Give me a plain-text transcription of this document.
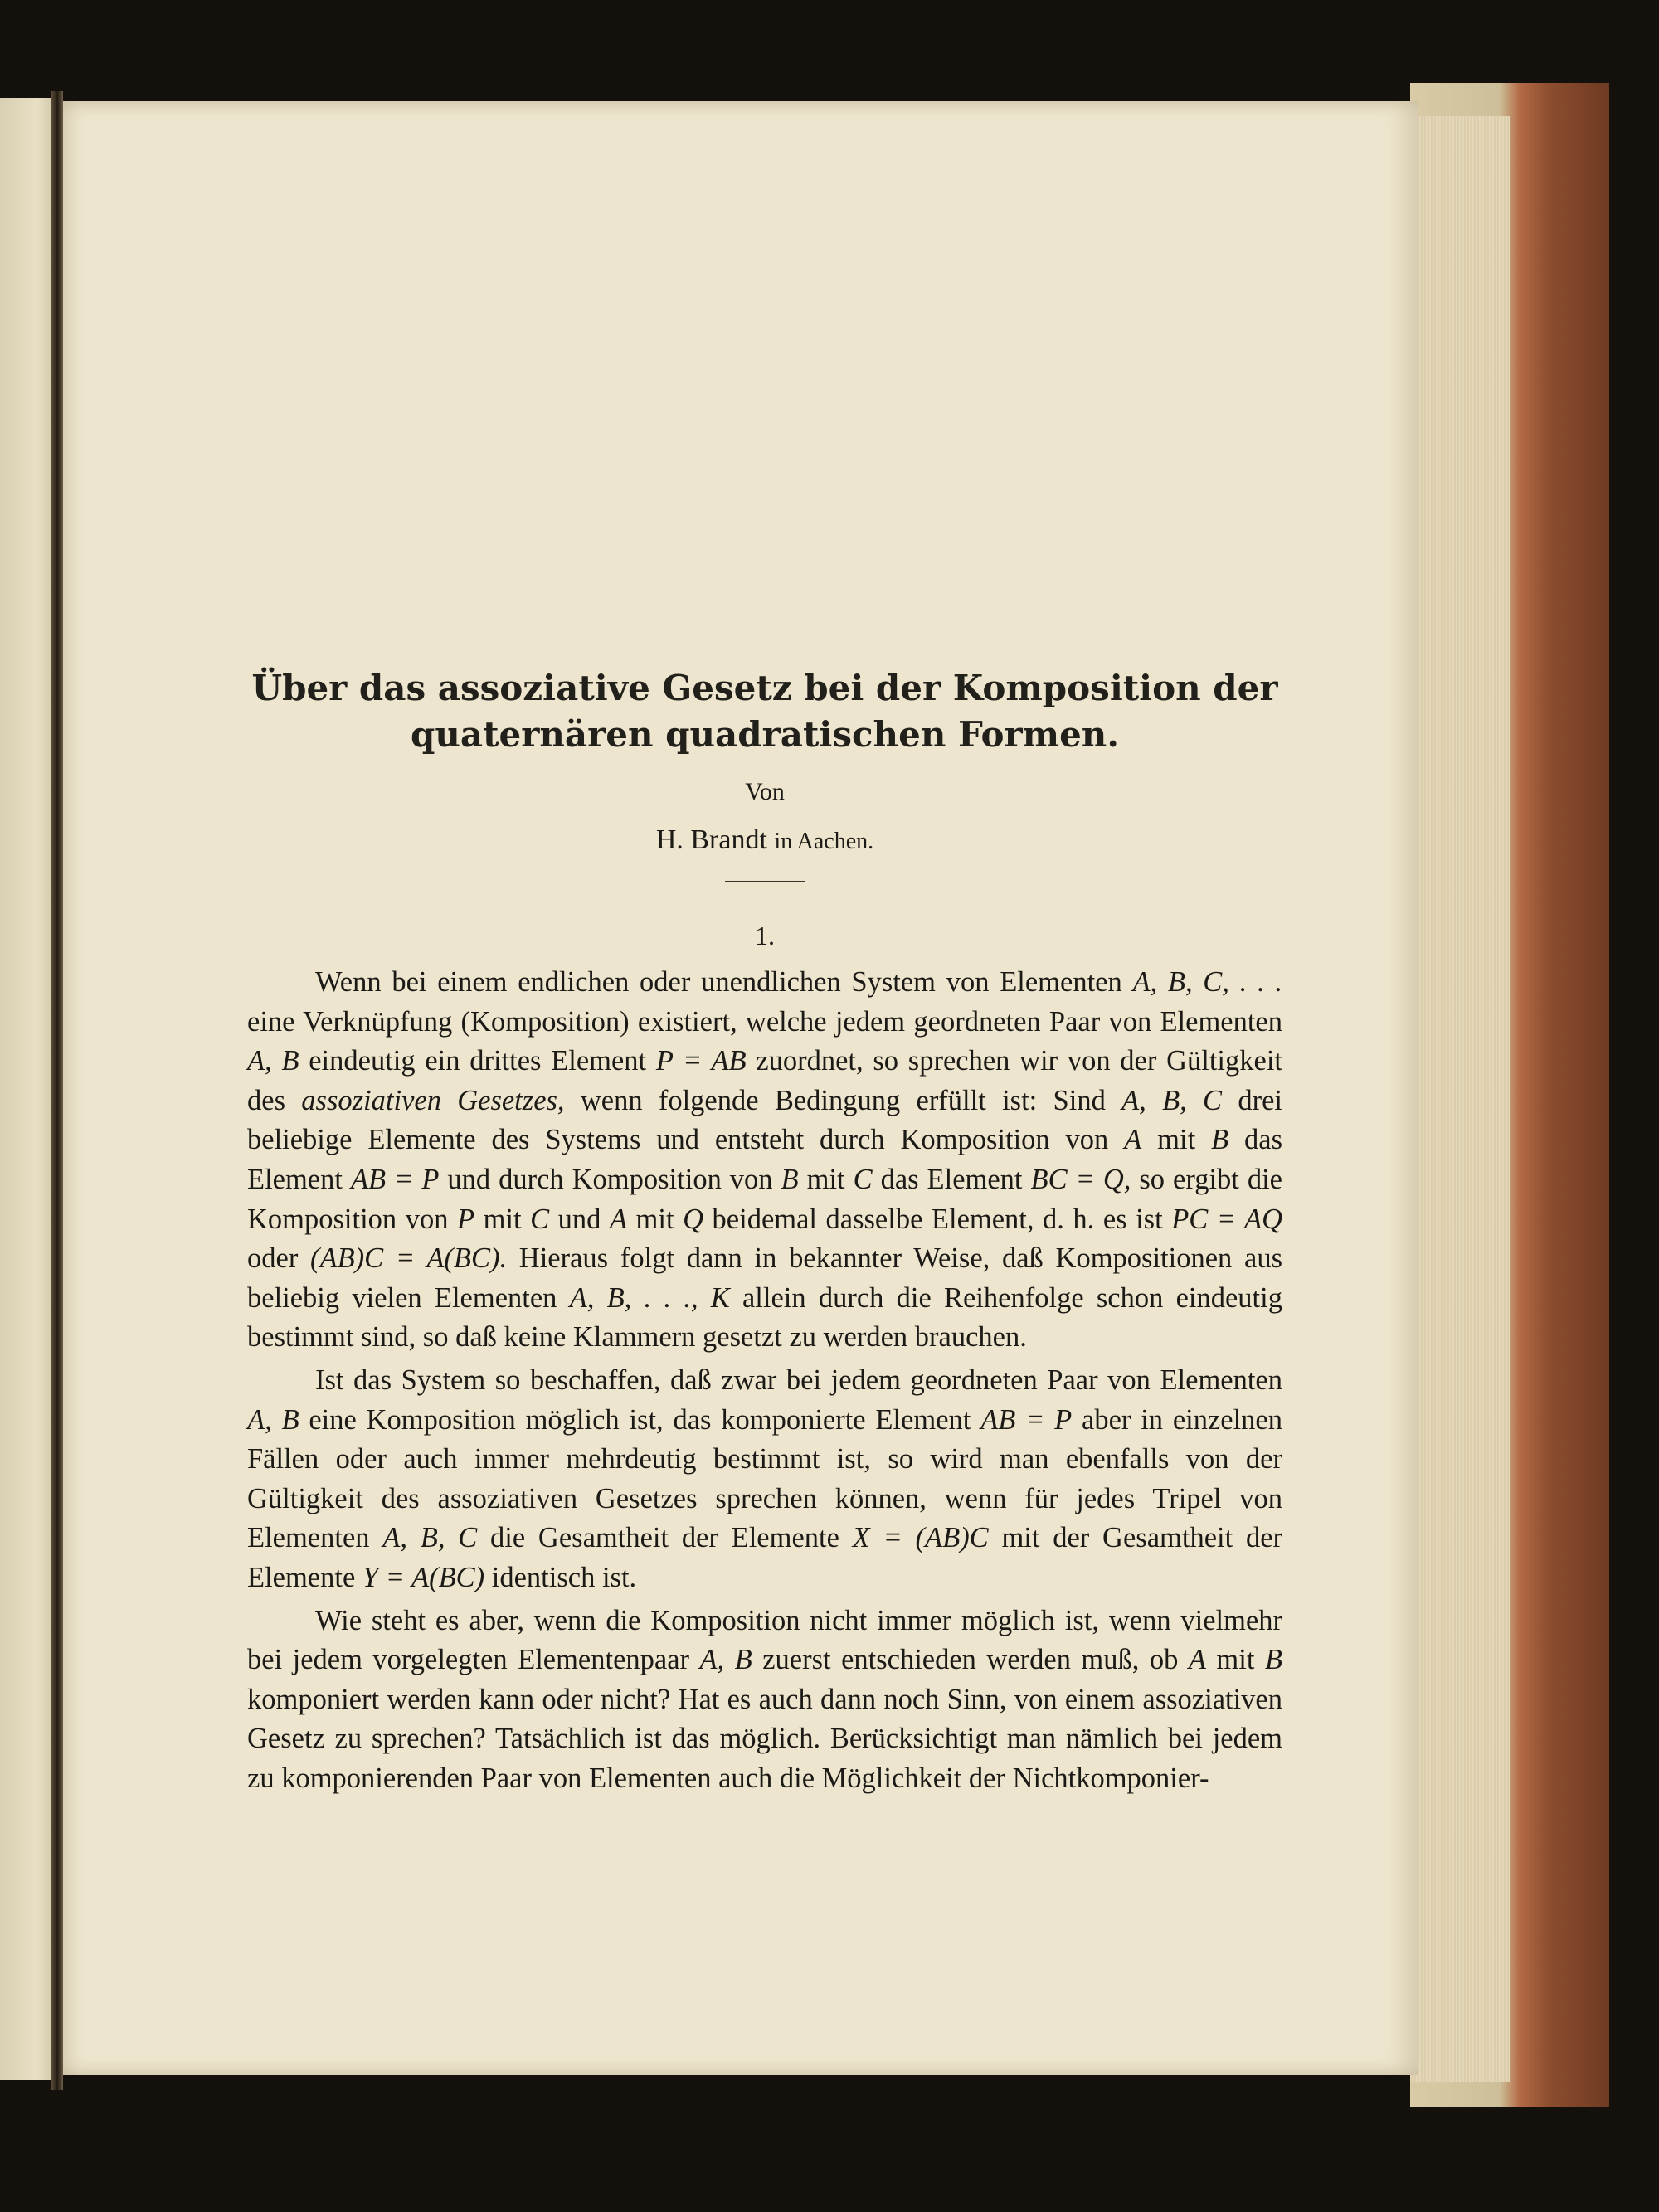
Über das assoziative Gesetz bei der Komposition der
quaternären quadratischen Formen.
Von
H. Brandt in Aachen.
1.

Wenn bei einem endlichen oder unendlichen System von Elementen A, B, C, . . . eine Verknüpfung (Komposition) existiert, welche jedem geordneten Paar von Elementen A, B eindeutig ein drittes Element P = AB zuordnet, so sprechen wir von der Gültigkeit des assoziativen Gesetzes, wenn folgende Bedingung erfüllt ist: Sind A, B, C drei beliebige Elemente des Systems und entsteht durch Komposition von A mit B das Element AB = P und durch Komposition von B mit C das Element BC = Q, so ergibt die Komposition von P mit C und A mit Q beidemal dasselbe Element, d. h. es ist PC = AQ oder (AB)C = A(BC). Hieraus folgt dann in bekannter Weise, daß Kompositionen aus beliebig vielen Elementen A, B, . . ., K allein durch die Reihenfolge schon eindeutig bestimmt sind, so daß keine Klammern gesetzt zu werden brauchen.

Ist das System so beschaffen, daß zwar bei jedem geordneten Paar von Elementen A, B eine Komposition möglich ist, das komponierte Element AB = P aber in einzelnen Fällen oder auch immer mehrdeutig bestimmt ist, so wird man ebenfalls von der Gültigkeit des assoziativen Gesetzes sprechen können, wenn für jedes Tripel von Elementen A, B, C die Gesamtheit der Elemente X = (AB)C mit der Gesamtheit der Elemente Y = A(BC) identisch ist.

Wie steht es aber, wenn die Komposition nicht immer möglich ist, wenn vielmehr bei jedem vorgelegten Elementenpaar A, B zuerst entschieden werden muß, ob A mit B komponiert werden kann oder nicht? Hat es auch dann noch Sinn, von einem assoziativen Gesetz zu sprechen? Tatsächlich ist das möglich. Berücksichtigt man nämlich bei jedem zu komponierenden Paar von Elementen auch die Möglichkeit der Nichtkomponier-
